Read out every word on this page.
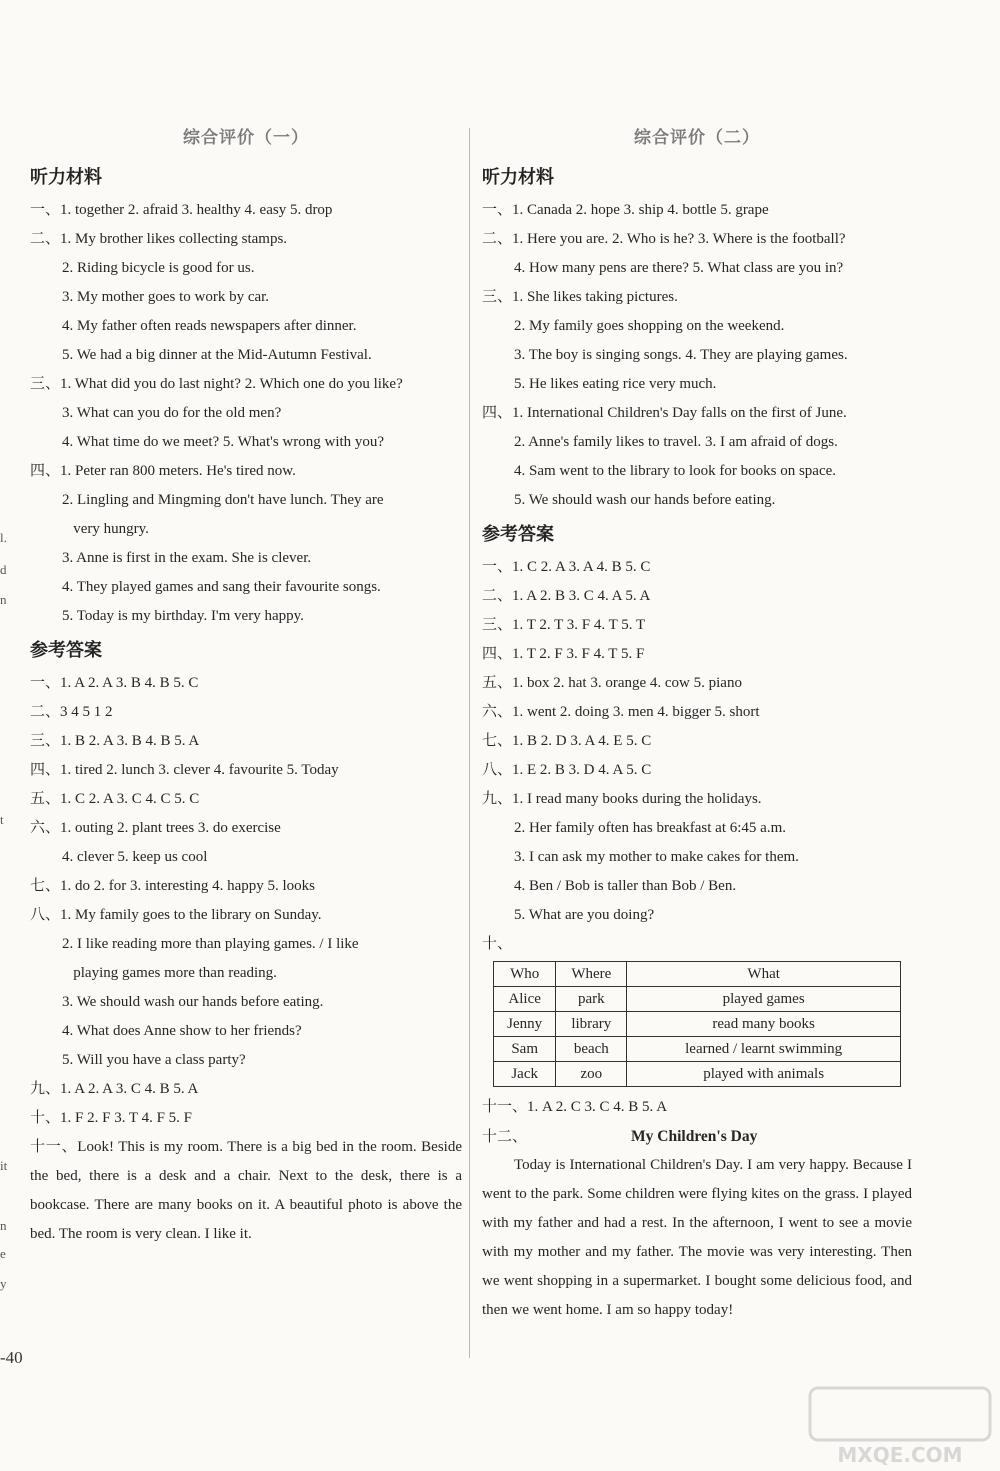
综合评价（一）
听力材料
一、1. together 2. afraid 3. healthy 4. easy 5. drop
二、1. My brother likes collecting stamps.
2. Riding bicycle is good for us.
3. My mother goes to work by car.
4. My father often reads newspapers after dinner.
5. We had a big dinner at the Mid-Autumn Festival.
三、1. What did you do last night? 2. Which one do you like?
3. What can you do for the old men?
4. What time do we meet? 5. What's wrong with you?
四、1. Peter ran 800 meters. He's tired now.
2. Lingling and Mingming don't have lunch. They are
very hungry.
3. Anne is first in the exam. She is clever.
4. They played games and sang their favourite songs.
5. Today is my birthday. I'm very happy.
参考答案
一、1. A 2. A 3. B 4. B 5. C
二、3 4 5 1 2
三、1. B 2. A 3. B 4. B 5. A
四、1. tired 2. lunch 3. clever 4. favourite 5. Today
五、1. C 2. A 3. C 4. C 5. C
六、1. outing 2. plant trees 3. do exercise
4. clever 5. keep us cool
七、1. do 2. for 3. interesting 4. happy 5. looks
八、1. My family goes to the library on Sunday.
2. I like reading more than playing games. / I like
playing games more than reading.
3. We should wash our hands before eating.
4. What does Anne show to her friends?
5. Will you have a class party?
九、1. A 2. A 3. C 4. B 5. A
十、1. F 2. F 3. T 4. F 5. F
十一、Look! This is my room. There is a big bed in the room. Beside the bed, there is a desk and a chair. Next to the desk, there is a bookcase. There are many books on it. A beautiful photo is above the bed. The room is very clean. I like it.
综合评价（二）
听力材料
一、1. Canada 2. hope 3. ship 4. bottle 5. grape
二、1. Here you are. 2. Who is he? 3. Where is the football?
4. How many pens are there? 5. What class are you in?
三、1. She likes taking pictures.
2. My family goes shopping on the weekend.
3. The boy is singing songs. 4. They are playing games.
5. He likes eating rice very much.
四、1. International Children's Day falls on the first of June.
2. Anne's family likes to travel. 3. I am afraid of dogs.
4. Sam went to the library to look for books on space.
5. We should wash our hands before eating.
参考答案
一、1. C 2. A 3. A 4. B 5. C
二、1. A 2. B 3. C 4. A 5. A
三、1. T 2. T 3. F 4. T 5. T
四、1. T 2. F 3. F 4. T 5. F
五、1. box 2. hat 3. orange 4. cow 5. piano
六、1. went 2. doing 3. men 4. bigger 5. short
七、1. B 2. D 3. A 4. E 5. C
八、1. E 2. B 3. D 4. A 5. C
九、1. I read many books during the holidays.
2. Her family often has breakfast at 6:45 a.m.
3. I can ask my mother to make cakes for them.
4. Ben / Bob is taller than Bob / Ben.
5. What are you doing?
十、
Who	Where	What
Alice	park	played games
Jenny	library	read many books
Sam	beach	learned / learnt swimming
Jack	zoo	played with animals
十一、1. A 2. C 3. C 4. B 5. A
十二、	My Children's Day
Today is International Children's Day. I am very happy. Because I went to the park. Some children were flying kites on the grass. I played with my father and had a rest. In the afternoon, I went to see a movie with my mother and my father. The movie was very interesting. Then we went shopping in a supermarket. I bought some delicious food, and then we went home. I am so happy today!
-40
l.
d
n
t
it
n
e
y
MXQE.COM
